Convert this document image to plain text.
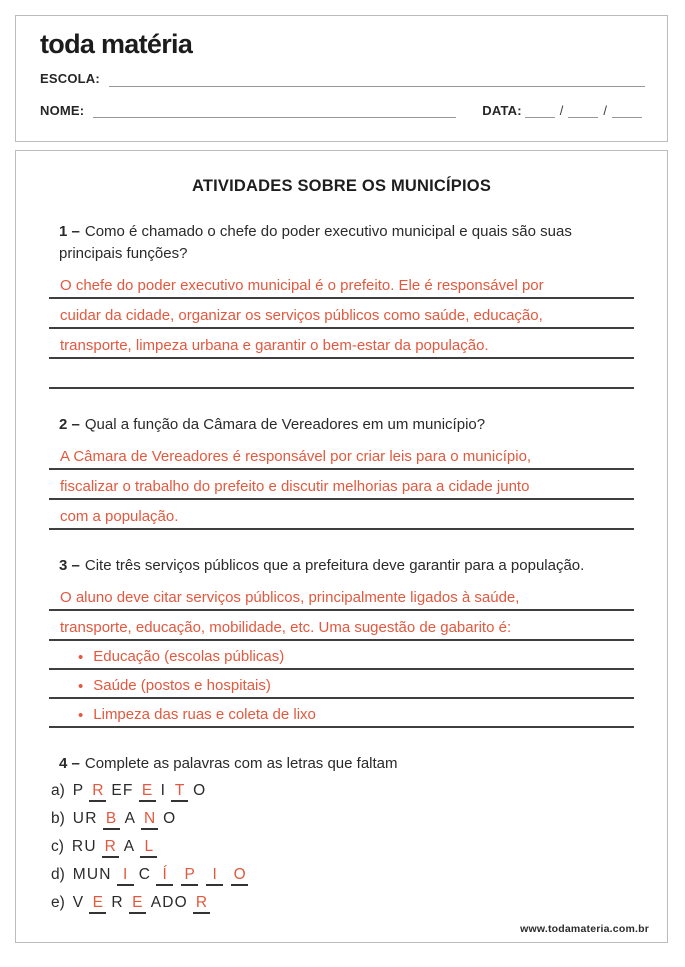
toda matéria
ESCOLA:
NOME:	DATA:	/	/
ATIVIDADES SOBRE OS MUNICÍPIOS

1 – Como é chamado o chefe do poder executivo municipal e quais são suas principais funções?

O chefe do poder executivo municipal é o prefeito. Ele é responsável por
cuidar da cidade, organizar os serviços públicos como saúde, educação,
transporte, limpeza urbana e garantir o bem-estar da população.

2 – Qual a função da Câmara de Vereadores em um município?

A Câmara de Vereadores é responsável por criar leis para o município,
fiscalizar o trabalho do prefeito e discutir melhorias para a cidade junto
com a população.

3 – Cite três serviços públicos que a prefeitura deve garantir para a população.

O aluno deve citar serviços públicos, principalmente ligados à saúde,
transporte, educação, mobilidade, etc. Uma sugestão de gabarito é:
• Educação (escolas públicas)
• Saúde (postos e hospitais)
• Limpeza das ruas e coleta de lixo

4 – Complete as palavras com as letras que faltam

a) P R EF E I T O
b) UR B A N O
c) RU R A L
d) MUN I C Í	P	I	O
e) V E R E ADO R
www.todamateria.com.br
